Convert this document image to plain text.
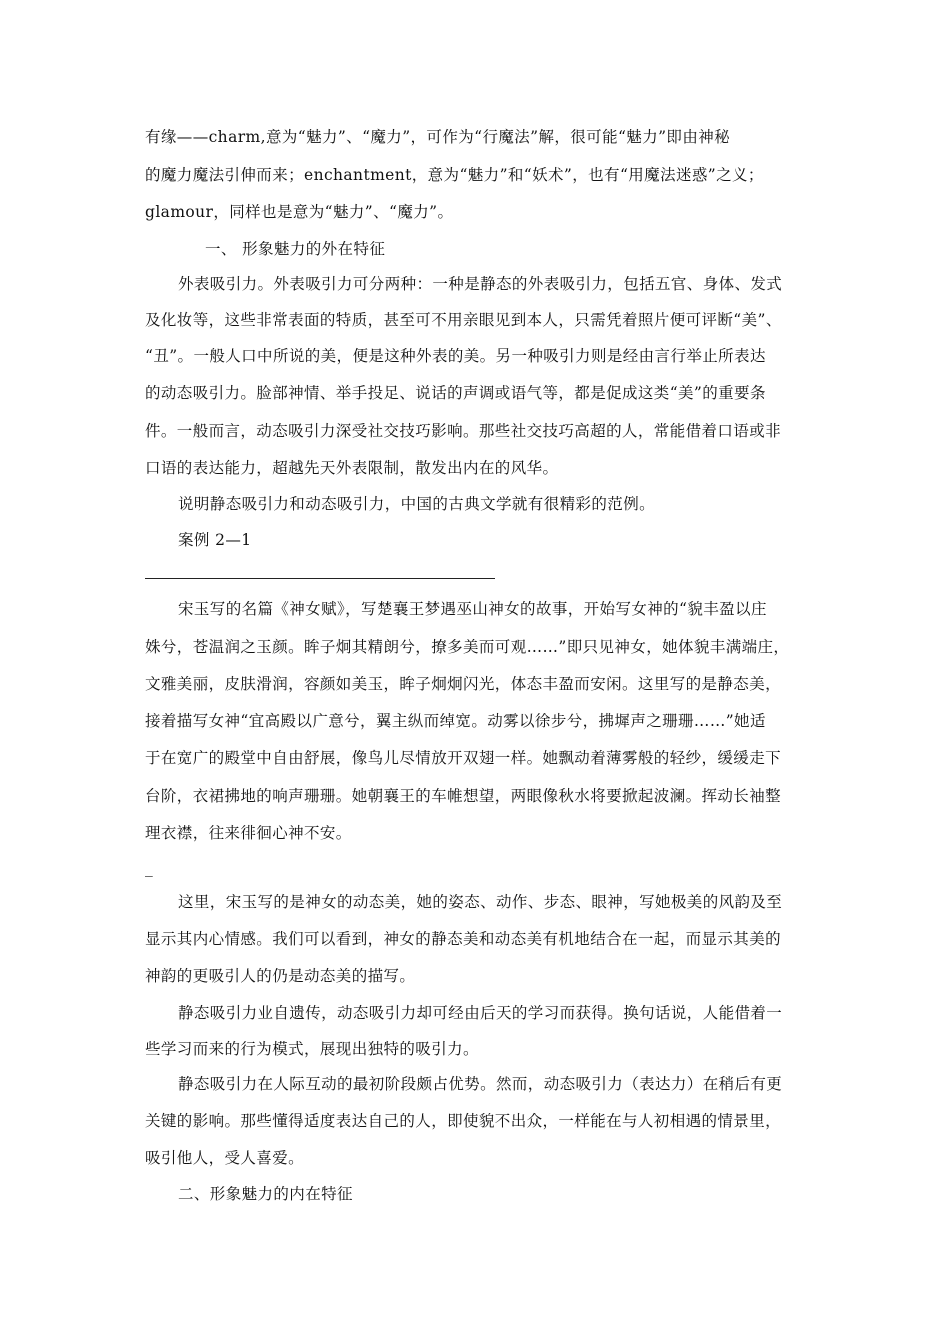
有缘——charm,意为“魅力”、“魔力”，可作为“行魔法”解，很可能“魅力”即由神秘
的魔力魔法引伸而来；enchantment，意为“魅力”和“妖术”，也有“用魔法迷惑”之义；
glamour，同样也是意为“魅力”、“魔力”。
一、 形象魅力的外在特征
外表吸引力。外表吸引力可分两种：一种是静态的外表吸引力，包括五官、身体、发式
及化妆等，这些非常表面的特质，甚至可不用亲眼见到本人，只需凭着照片便可评断“美”、
“丑”。一般人口中所说的美，便是这种外表的美。另一种吸引力则是经由言行举止所表达
的动态吸引力。脸部神情、举手投足、说话的声调或语气等，都是促成这类“美”的重要条
件。一般而言，动态吸引力深受社交技巧影响。那些社交技巧高超的人，常能借着口语或非
口语的表达能力，超越先天外表限制，散发出内在的风华。
说明静态吸引力和动态吸引力，中国的古典文学就有很精彩的范例。
案例 2—1
宋玉写的名篇《神女赋》，写楚襄王梦遇巫山神女的故事，开始写女神的“貌丰盈以庄
姝兮，苍温润之玉颜。眸子炯其精朗兮，撩多美而可观……”即只见神女，她体貌丰满端庄，
文雅美丽，皮肤滑润，容颜如美玉，眸子炯炯闪光，体态丰盈而安闲。这里写的是静态美，
接着描写女神“宜高殿以广意兮，翼主纵而绰宽。动雾以徐步兮，拂墀声之珊珊……”她适
于在宽广的殿堂中自由舒展，像鸟儿尽情放开双翅一样。她飘动着薄雾般的轻纱，缓缓走下
台阶，衣裙拂地的响声珊珊。她朝襄王的车帷想望，两眼像秋水将要掀起波澜。挥动长袖整
理衣襟，往来徘徊心神不安。
_
这里，宋玉写的是神女的动态美，她的姿态、动作、步态、眼神，写她极美的风韵及至
显示其内心情感。我们可以看到，神女的静态美和动态美有机地结合在一起，而显示其美的
神韵的更吸引人的仍是动态美的描写。
静态吸引力业自遗传，动态吸引力却可经由后天的学习而获得。换句话说，人能借着一
些学习而来的行为模式，展现出独特的吸引力。
静态吸引力在人际互动的最初阶段颇占优势。然而，动态吸引力（表达力）在稍后有更
关键的影响。那些懂得适度表达自己的人，即使貌不出众，一样能在与人初相遇的情景里，
吸引他人，受人喜爱。
二、形象魅力的内在特征
